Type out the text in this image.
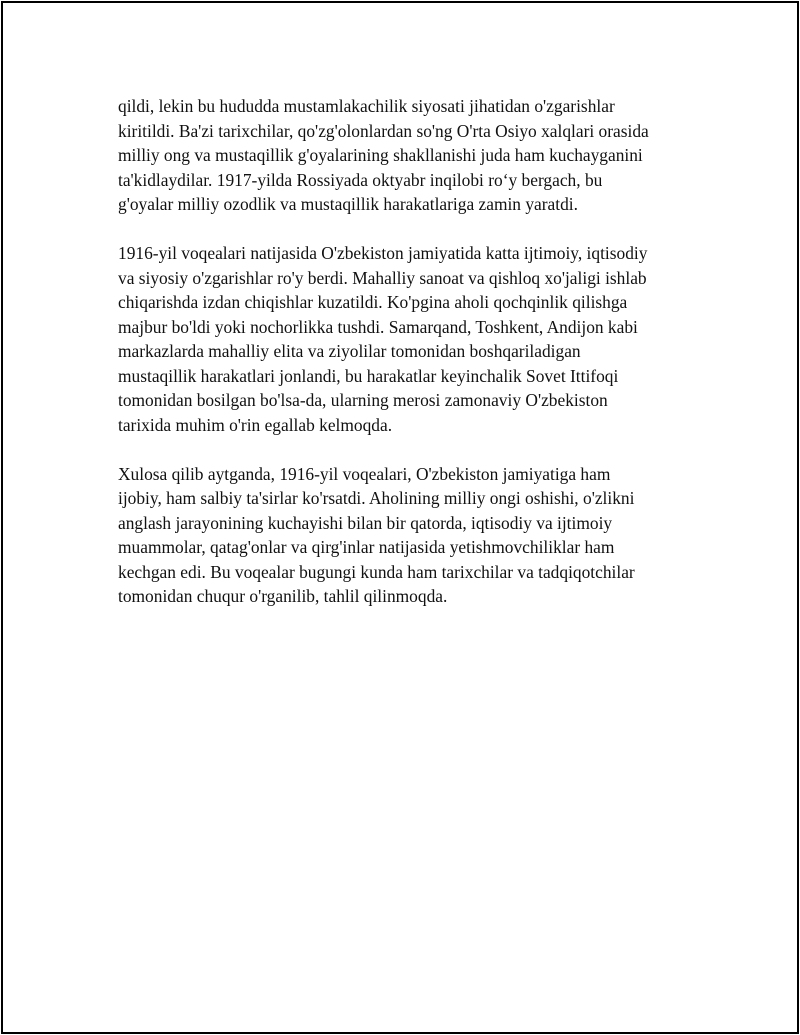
qildi, lekin bu hududda mustamlakachilik siyosati jihatidan o'zgarishlar
kiritildi. Ba'zi tarixchilar, qo'zg'olonlardan so'ng O'rta Osiyo xalqlari orasida
milliy ong va mustaqillik g'oyalarining shakllanishi juda ham kuchayganini
ta'kidlaydilar. 1917-yilda Rossiyada oktyabr inqilobi ro‘y bergach, bu
g'oyalar milliy ozodlik va mustaqillik harakatlariga zamin yaratdi.

1916-yil voqealari natijasida O'zbekiston jamiyatida katta ijtimoiy, iqtisodiy
va siyosiy o'zgarishlar ro'y berdi. Mahalliy sanoat va qishloq xo'jaligi ishlab
chiqarishda izdan chiqishlar kuzatildi. Ko'pgina aholi qochqinlik qilishga
majbur bo'ldi yoki nochorlikka tushdi. Samarqand, Toshkent, Andijon kabi
markazlarda mahalliy elita va ziyolilar tomonidan boshqariladigan
mustaqillik harakatlari jonlandi, bu harakatlar keyinchalik Sovet Ittifoqi
tomonidan bosilgan bo'lsa-da, ularning merosi zamonaviy O'zbekiston
tarixida muhim o'rin egallab kelmoqda.

Xulosa qilib aytganda, 1916-yil voqealari, O'zbekiston jamiyatiga ham
ijobiy, ham salbiy ta'sirlar ko'rsatdi. Aholining milliy ongi oshishi, o'zlikni
anglash jarayonining kuchayishi bilan bir qatorda, iqtisodiy va ijtimoiy
muammolar, qatag'onlar va qirg'inlar natijasida yetishmovchiliklar ham
kechgan edi. Bu voqealar bugungi kunda ham tarixchilar va tadqiqotchilar
tomonidan chuqur o'rganilib, tahlil qilinmoqda.
